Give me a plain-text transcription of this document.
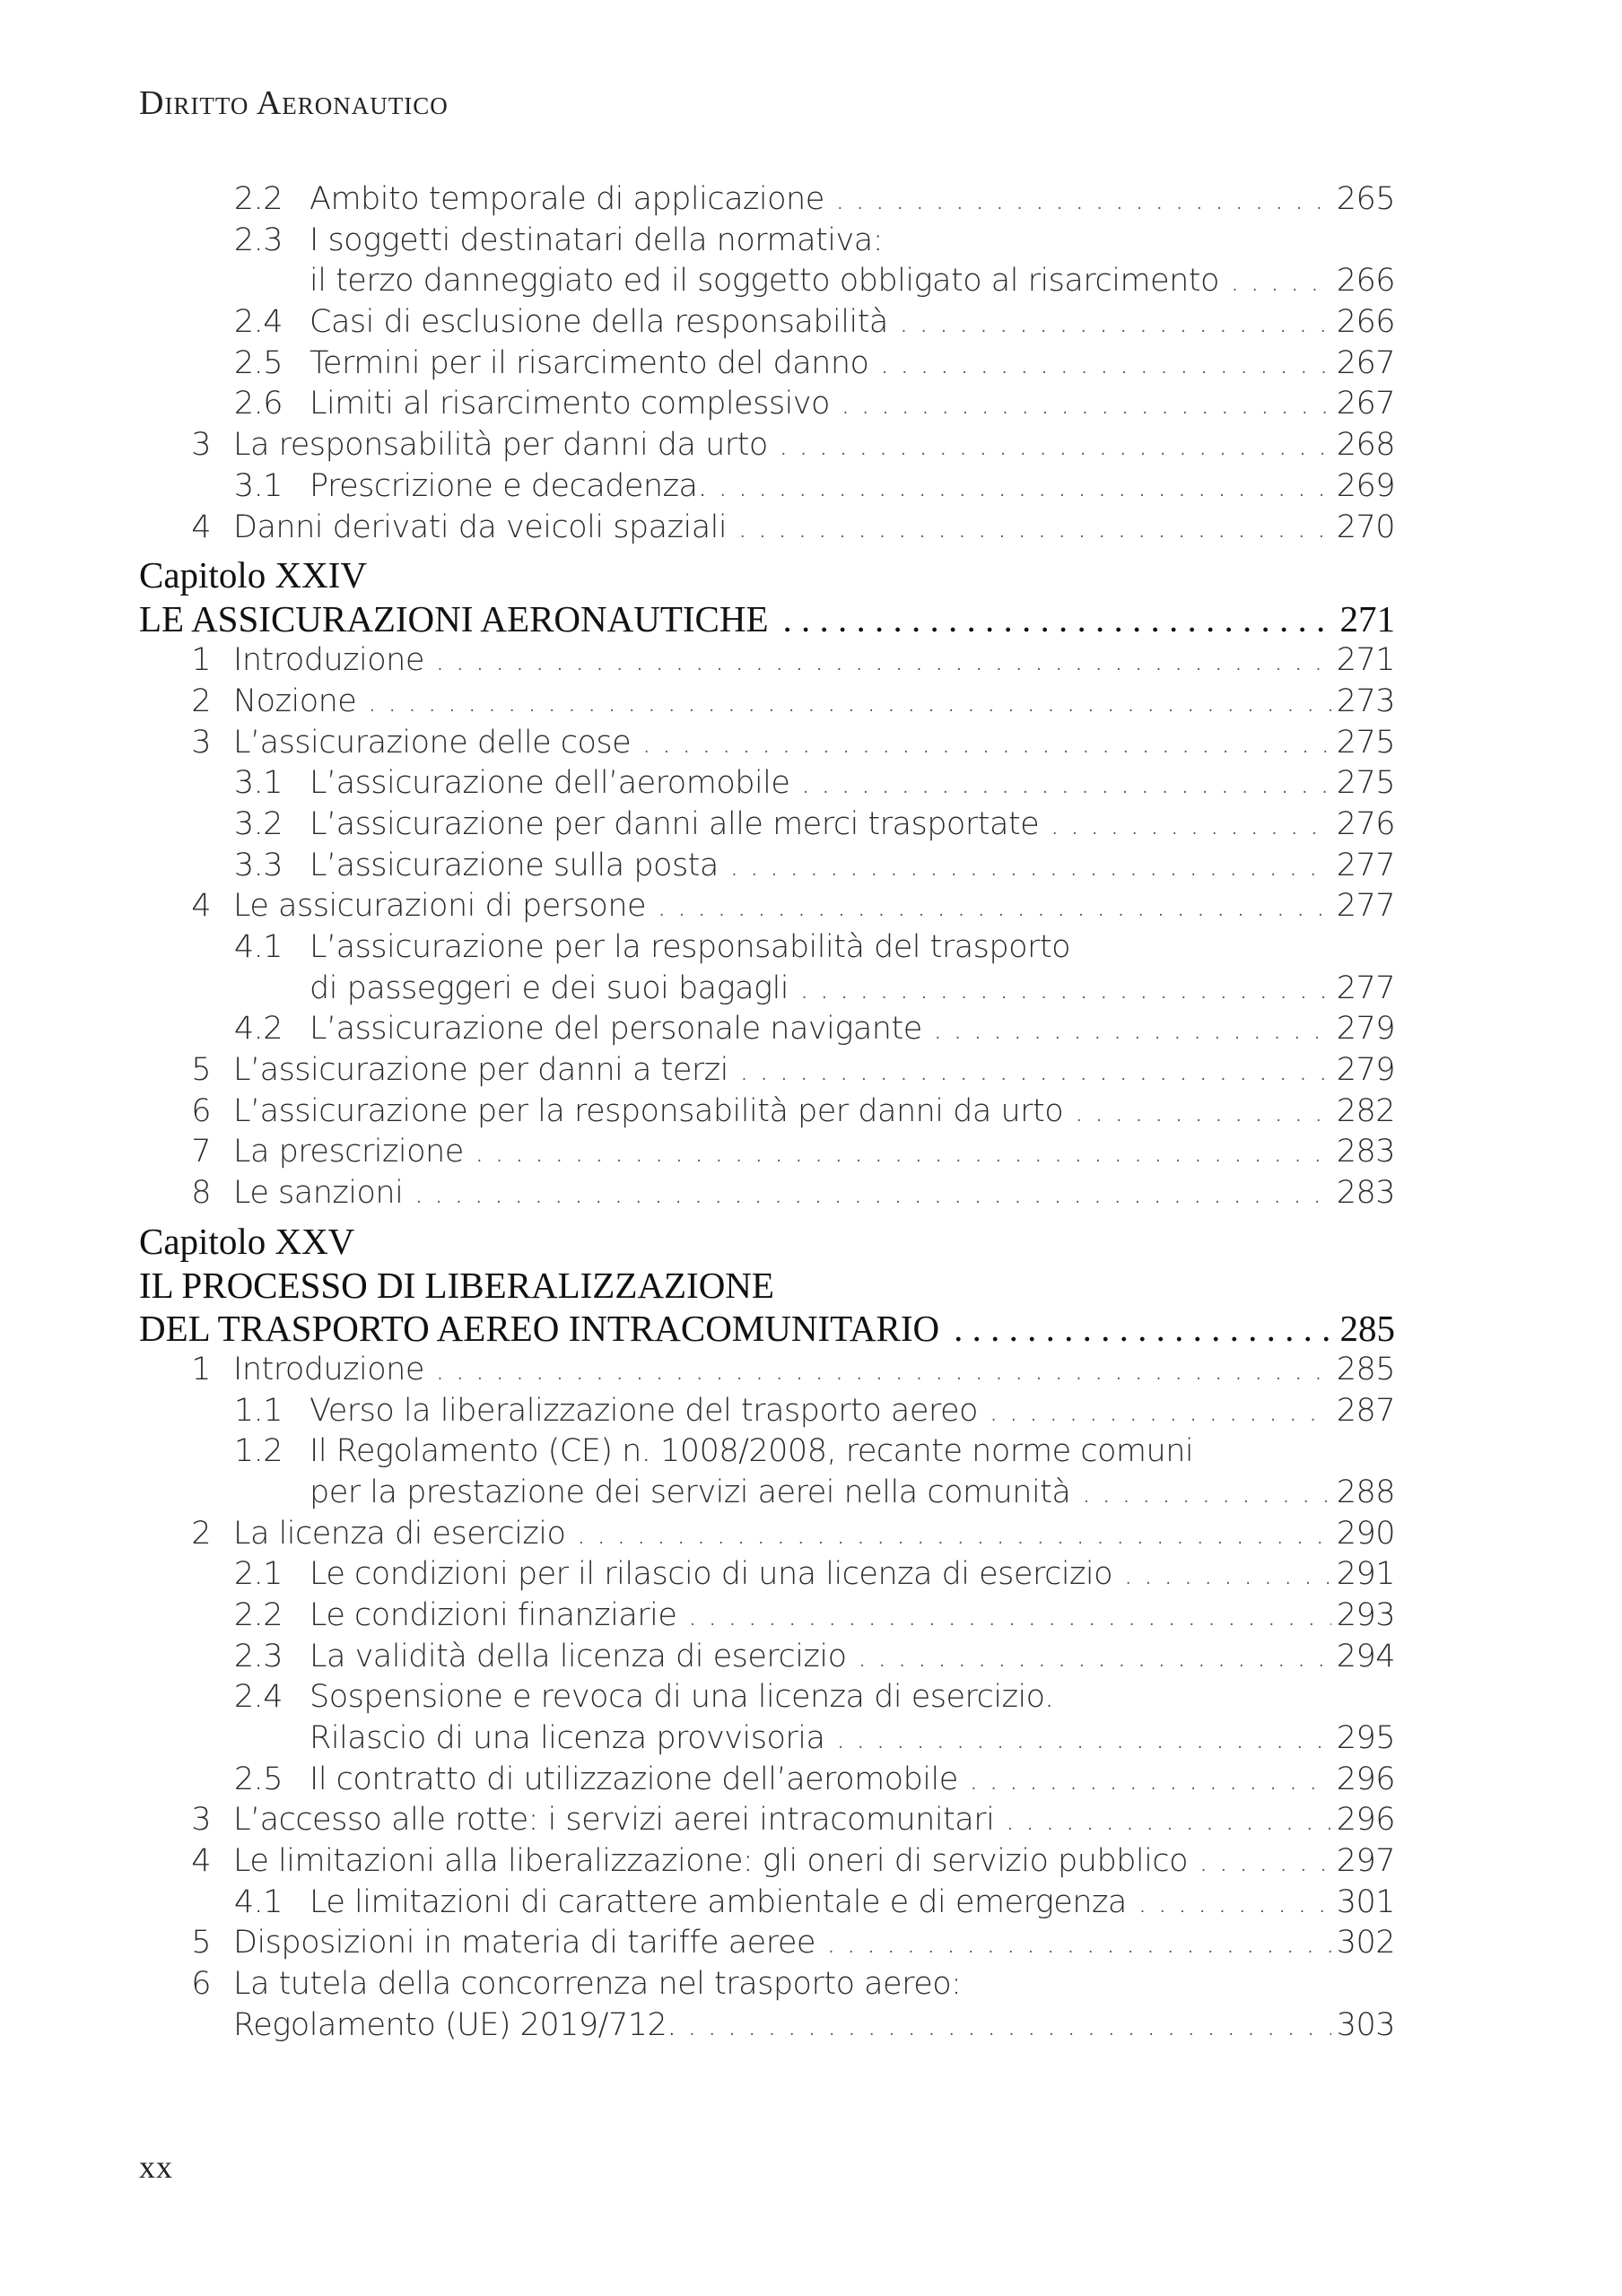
Diritto Aeronautico
2.2 Ambito temporale di applicazione . . .	265
2.3 I soggetti destinatari della normativa:
il terzo danneggiato ed il soggetto obbligato al risarcimento . . .	266
2.4 Casi di esclusione della responsabilità . . .	266
2.5 Termini per il risarcimento del danno . . .	267
2.6 Limiti al risarcimento complessivo . . .	267
3 La responsabilità per danni da urto . . .	268
3.1 Prescrizione e decadenza. . . .	269
4 Danni derivati da veicoli spaziali . . .	270
Capitolo XXIV
LE ASSICURAZIONI AERONAUTICHE . . .	271
1 Introduzione . . .	271
2 Nozione . . .	273
3 L’assicurazione delle cose . . .	275
3.1 L’assicurazione dell’aeromobile . . .	275
3.2 L’assicurazione per danni alle merci trasportate . . .	276
3.3 L’assicurazione sulla posta . . .	277
4 Le assicurazioni di persone . . .	277
4.1 L’assicurazione per la responsabilità del trasporto
di passeggeri e dei suoi bagagli . . .	277
4.2 L’assicurazione del personale navigante . . .	279
5 L’assicurazione per danni a terzi . . .	279
6 L’assicurazione per la responsabilità per danni da urto . . .	282
7 La prescrizione . . .	283
8 Le sanzioni . . .	283
Capitolo XXV
IL PROCESSO DI LIBERALIZZAZIONE
DEL TRASPORTO AEREO INTRACOMUNITARIO . . .	285
1 Introduzione . . .	285
1.1 Verso la liberalizzazione del trasporto aereo . . .	287
1.2 Il Regolamento (CE) n. 1008/2008, recante norme comuni
per la prestazione dei servizi aerei nella comunità . . .	288
2 La licenza di esercizio . . .	290
2.1 Le condizioni per il rilascio di una licenza di esercizio . . .	291
2.2 Le condizioni finanziarie . . .	293
2.3 La validità della licenza di esercizio . . .	294
2.4 Sospensione e revoca di una licenza di esercizio.
Rilascio di una licenza provvisoria . . .	295
2.5 Il contratto di utilizzazione dell’aeromobile . . .	296
3 L’accesso alle rotte: i servizi aerei intracomunitari . . .	296
4 Le limitazioni alla liberalizzazione: gli oneri di servizio pubblico . . .	297
4.1 Le limitazioni di carattere ambientale e di emergenza . . .	301
5 Disposizioni in materia di tariffe aeree . . .	302
6 La tutela della concorrenza nel trasporto aereo:
Regolamento (UE) 2019/712. . . .	303
xx
